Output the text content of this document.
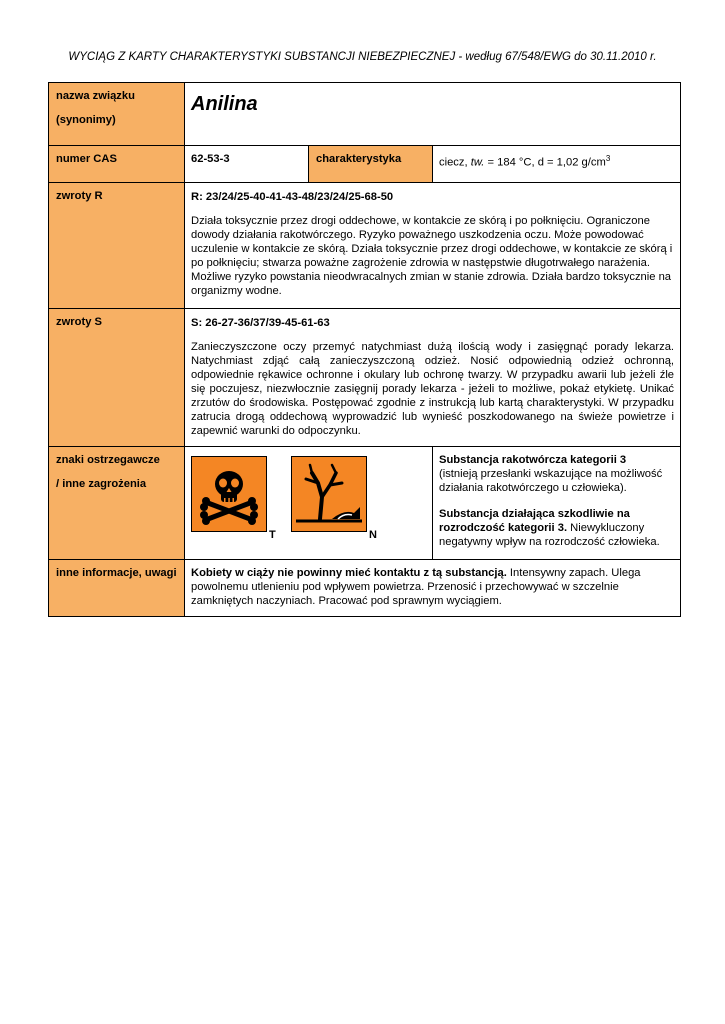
WYCIĄG Z KARTY CHARAKTERYSTYKI SUBSTANCJI NIEBEZPIECZNEJ - według 67/548/EWG do 30.11.2010 r.
nazwa związku
(synonimy)	Anilina		

numer CAS	62-53-3	charakterystyka	ciecz, tw. = 184 °C, d = 1,02 $g/cm^3$
zwroty R	R: 23/24/25-40-41-43-48/23/24/25-68-50
Działa toksycznie przez drogi oddechowe, w kontakcie ze skórą i po połknięciu. Ograniczone dowody działania rakotwórczego. Ryzyko poważnego uszkodzenia oczu. Może powodować uczulenie w kontakcie ze skórą. Działa toksycznie przez drogi oddechowe, w kontakcie ze skórą i po połknięciu; stwarza poważne zagrożenie zdrowia w następstwie długotrwałego narażenia. Możliwe ryzyko powstania nieodwracalnych zmian w stanie zdrowia. Działa bardzo toksycznie na organizmy wodne.		

zwroty S	S: 26-27-36/37/39-45-61-63
Zanieczyszczone oczy przemyć natychmiast dużą ilością wody i zasięgnąć porady lekarza. Natychmiast zdjąć całą zanieczyszczoną odzież. Nosić odpowiednią odzież ochronną, odpowiednie rękawice ochronne i okulary lub ochronę twarzy. W przypadku awarii lub jeżeli źle się poczujesz, niezwłocznie zasięgnij porady lekarza - jeżeli to możliwe, pokaż etykietę. Unikać zrzutów do środowiska. Postępować zgodnie z instrukcją lub kartą charakterystyki. W przypadku zatrucia drogą oddechową wyprowadzić lub wynieść poszkodowanego na świeże powietrze i zapewnić warunki do odpoczynku.		

znaki ostrzegawcze
/ inne zagrożenia	T N		Substancja rakotwórcza kategorii 3
(istnieją przesłanki wskazujące na możliwość działania rakotwórczego u człowieka).
Substancja działająca szkodliwie na rozrodczość kategorii 3. Niewykluczony negatywny wpływ na rozrodczość człowieka.

inne informacje, uwagi	Kobiety w ciąży nie powinny mieć kontaktu z tą substancją. Intensywny zapach. Ulega powolnemu utlenieniu pod wpływem powietrza. Przenosić i przechowywać w szczelnie zamkniętych naczyniach. Pracować pod sprawnym wyciągiem.		
